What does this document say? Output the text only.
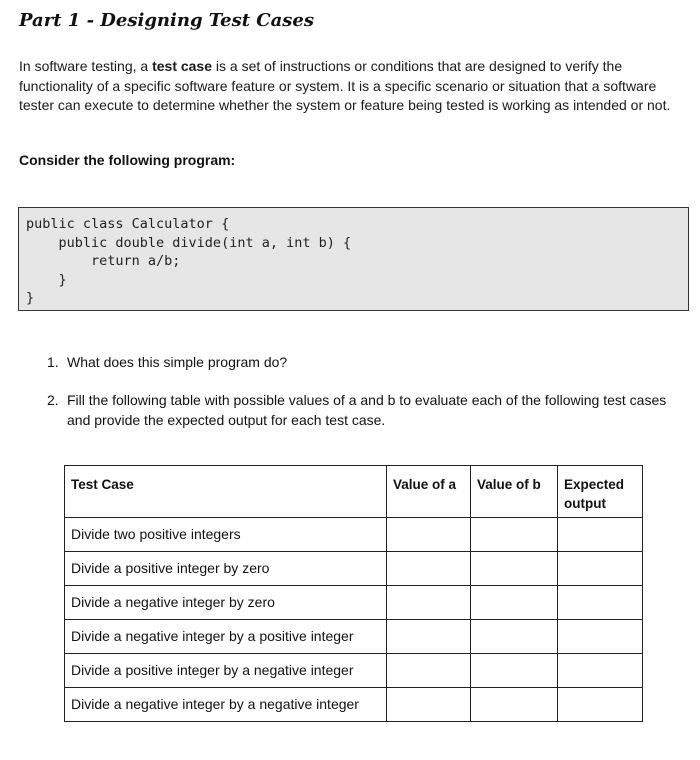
Part 1 - Designing Test Cases

In software testing, a test case is a set of instructions or conditions that are designed to verify the functionality of a specific software feature or system. It is a specific scenario or situation that a software tester can execute to determine whether the system or feature being tested is working as intended or not.

Consider the following program:

public class Calculator {
public double divide(int a, int b) {
return a/b;
}
}
1. What does this simple program do?
2. Fill the following table with possible values of a and b to evaluate each of the following test cases and provide the expected output for each test case.
Test Case	Value of a	Value of b	Expected output
Divide two positive integers			
Divide a positive integer by zero			
Divide a negative integer by zero			
Divide a negative integer by a positive integer			
Divide a positive integer by a negative integer			
Divide a negative integer by a negative integer			
